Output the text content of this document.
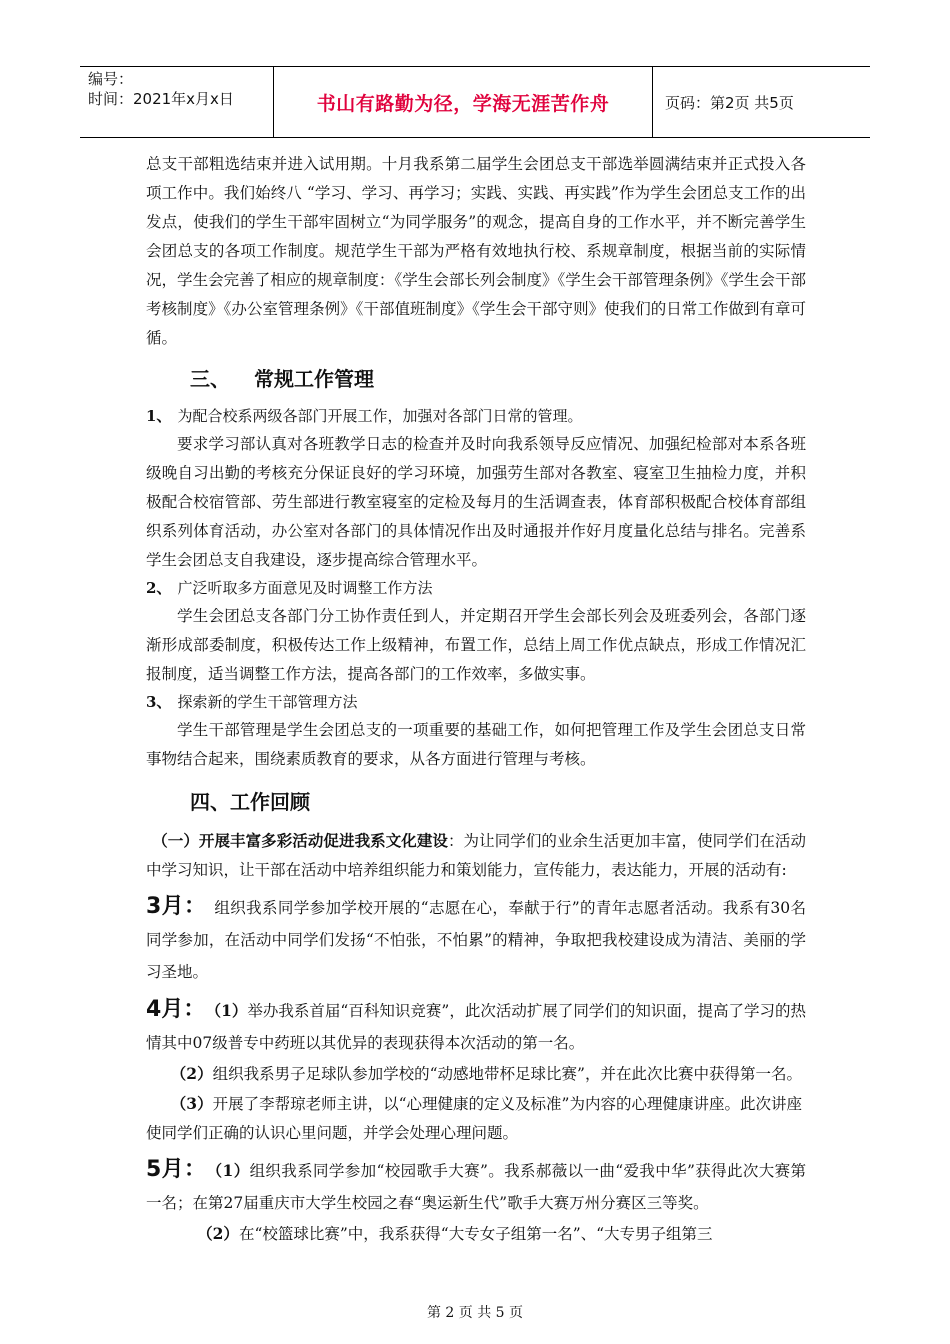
编号：
时间：2021年x月x日	书山有路勤为径，学海无涯苦作舟	页码：第2页 共5页

总支干部粗选结束并进入试用期。十月我系第二届学生会团总支干部选举圆满结束并正式投入各项工作中。我们始终八 “学习、学习、再学习；实践、实践、再实践”作为学生会团总支工作的出发点，使我们的学生干部牢固树立“为同学服务”的观念，提高自身的工作水平，并不断完善学生会团总支的各项工作制度。规范学生干部为严格有效地执行校、系规章制度，根据当前的实际情况，学生会完善了相应的规章制度：《学生会部长列会制度》《学生会干部管理条例》《学生会干部考核制度》《办公室管理条例》《干部值班制度》《学生会干部守则》使我们的日常工作做到有章可循。

三、 常规工作管理

1、 为配合校系两级各部门开展工作，加强对各部门日常的管理。

要求学习部认真对各班教学日志的检查并及时向我系领导反应情况、加强纪检部对本系各班级晚自习出勤的考核充分保证良好的学习环境，加强劳生部对各教室、寝室卫生抽检力度，并积极配合校宿管部、劳生部进行教室寝室的定检及每月的生活调查表，体育部积极配合校体育部组织系列体育活动，办公室对各部门的具体情况作出及时通报并作好月度量化总结与排名。完善系学生会团总支自我建设，逐步提高综合管理水平。

2、 广泛听取多方面意见及时调整工作方法

学生会团总支各部门分工协作责任到人，并定期召开学生会部长列会及班委列会，各部门逐渐形成部委制度，积极传达工作上级精神，布置工作，总结上周工作优点缺点，形成工作情况汇报制度，适当调整工作方法，提高各部门的工作效率，多做实事。

3、 探索新的学生干部管理方法

学生干部管理是学生会团总支的一项重要的基础工作，如何把管理工作及学生会团总支日常事物结合起来，围绕素质教育的要求，从各方面进行管理与考核。

四、工作回顾

（一）开展丰富多彩活动促进我系文化建设：为让同学们的业余生活更加丰富，使同学们在活动中学习知识，让干部在活动中培养组织能力和策划能力，宣传能力，表达能力，开展的活动有:

3月： 组织我系同学参加学校开展的“志愿在心，奉献于行”的青年志愿者活动。我系有30名同学参加，在活动中同学们发扬“不怕张，不怕累”的精神，争取把我校建设成为清洁、美丽的学习圣地。

4月： （1）举办我系首届“百科知识竞赛”，此次活动扩展了同学们的知识面，提高了学习的热情其中07级普专中药班以其优异的表现获得本次活动的第一名。

（2）组织我系男子足球队参加学校的“动感地带杯足球比赛”，并在此次比赛中获得第一名。

（3）开展了李帮琼老师主讲，以“心理健康的定义及标准”为内容的心理健康讲座。此次讲座使同学们正确的认识心里问题，并学会处理心理问题。

5月： （1）组织我系同学参加“校园歌手大赛”。我系郝薇以一曲“爱我中华”获得此次大赛第一名；在第27届重庆市大学生校园之春“奥运新生代”歌手大赛万州分赛区三等奖。

（2）在“校篮球比赛”中，我系获得“大专女子组第一名”、“大专男子组第三

第 2 页 共 5 页
